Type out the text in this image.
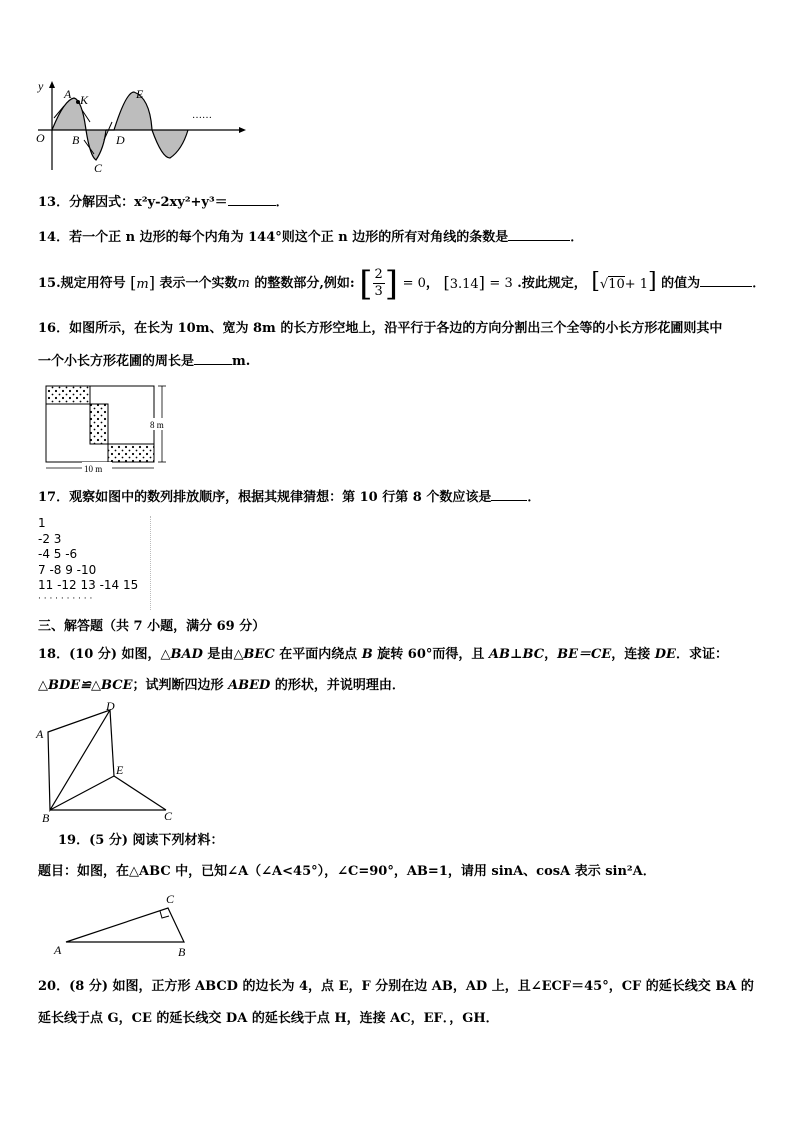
y
A K	E
O B
C
D
……
13．分解因式：x²y-2xy²+y³＝	．
14．若一个正 n 边形的每个内角为 144°则这个正 n 边形的所有对角线的条数是	．
15.规定用符号 [m] 表示一个实数m 的整数部分,例如: [ $\frac{2}{3}$ ] = 0， [3.14] = 3 .按此规定， [√10+ 1] 的值为	．
16．如图所示，在长为 10m、宽为 8m 的长方形空地上，沿平行于各边的方向分割出三个全等的小长方形花圃则其中
一个小长方形花圃的周长是	m.
8 m
10 m
17．观察如图中的数列排放顺序，根据其规律猜想：第 10 行第 8 个数应该是	．
1
-2 3
-4 5 -6
7 -8 9 -10
11 -12 13 -14 15
· · · · · · · · · ·
三、解答题（共 7 小题，满分 69 分）
18．(10 分) 如图，△BAD 是由△BEC 在平面内绕点 B 旋转 60°而得，且 AB⊥BC，BE＝CE，连接 DE．求证：
△BDE≌△BCE；试判断四边形 ABED 的形状，并说明理由．
A
D
E
B	C
19．(5 分) 阅读下列材料：
题目：如图，在△ABC 中，已知∠A（∠A<45°），∠C=90°，AB=1，请用 sinA、cosA 表示 sin²A．
A	B
C
20．(8 分) 如图，正方形 ABCD 的边长为 4，点 E，F 分别在边 AB，AD 上，且∠ECF＝45°，CF 的延长线交 BA 的
延长线于点 G，CE 的延长线交 DA 的延长线于点 H，连接 AC，EF．，GH．
